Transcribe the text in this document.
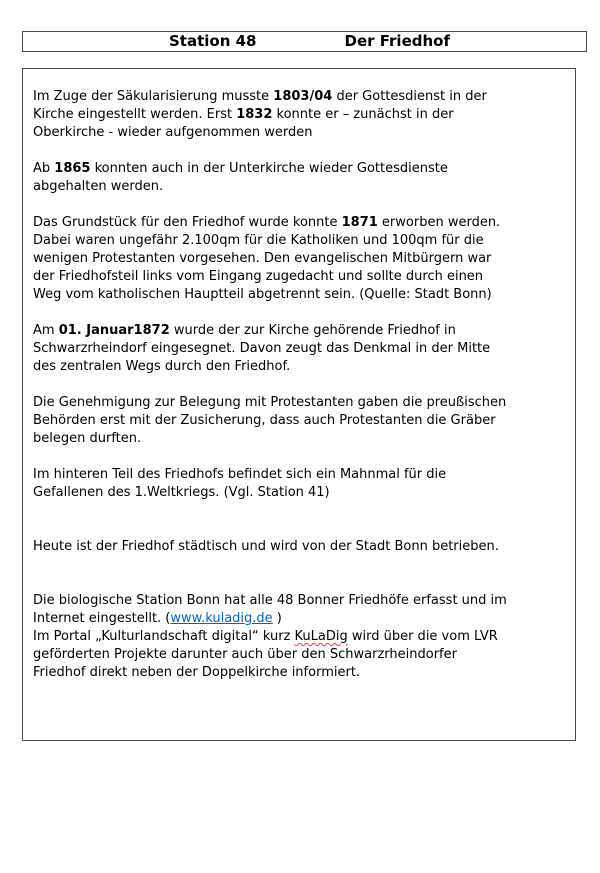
Station 48	Der Friedhof
Im Zuge der Säkularisierung musste 1803/04 der Gottesdienst in der
Kirche eingestellt werden. Erst 1832 konnte er – zunächst in der
Oberkirche - wieder aufgenommen werden
Ab 1865 konnten auch in der Unterkirche wieder Gottesdienste
abgehalten werden.
Das Grundstück für den Friedhof wurde konnte 1871 erworben werden.
Dabei waren ungefähr 2.100qm für die Katholiken und 100qm für die
wenigen Protestanten vorgesehen. Den evangelischen Mitbürgern war
der Friedhofsteil links vom Eingang zugedacht und sollte durch einen
Weg vom katholischen Hauptteil abgetrennt sein. (Quelle: Stadt Bonn)
Am 01. Januar1872 wurde der zur Kirche gehörende Friedhof in
Schwarzrheindorf eingesegnet. Davon zeugt das Denkmal in der Mitte
des zentralen Wegs durch den Friedhof.
Die Genehmigung zur Belegung mit Protestanten gaben die preußischen
Behörden erst mit der Zusicherung, dass auch Protestanten die Gräber
belegen durften.
Im hinteren Teil des Friedhofs befindet sich ein Mahnmal für die
Gefallenen des 1.Weltkriegs. (Vgl. Station 41)
Heute ist der Friedhof städtisch und wird von der Stadt Bonn betrieben.
Die biologische Station Bonn hat alle 48 Bonner Friedhöfe erfasst und im
Internet eingestellt. (www.kuladig.de )
Im Portal „Kulturlandschaft digital“ kurz KuLaDig wird über die vom LVR
geförderten Projekte darunter auch über den Schwarzrheindorfer
Friedhof direkt neben der Doppelkirche informiert.
